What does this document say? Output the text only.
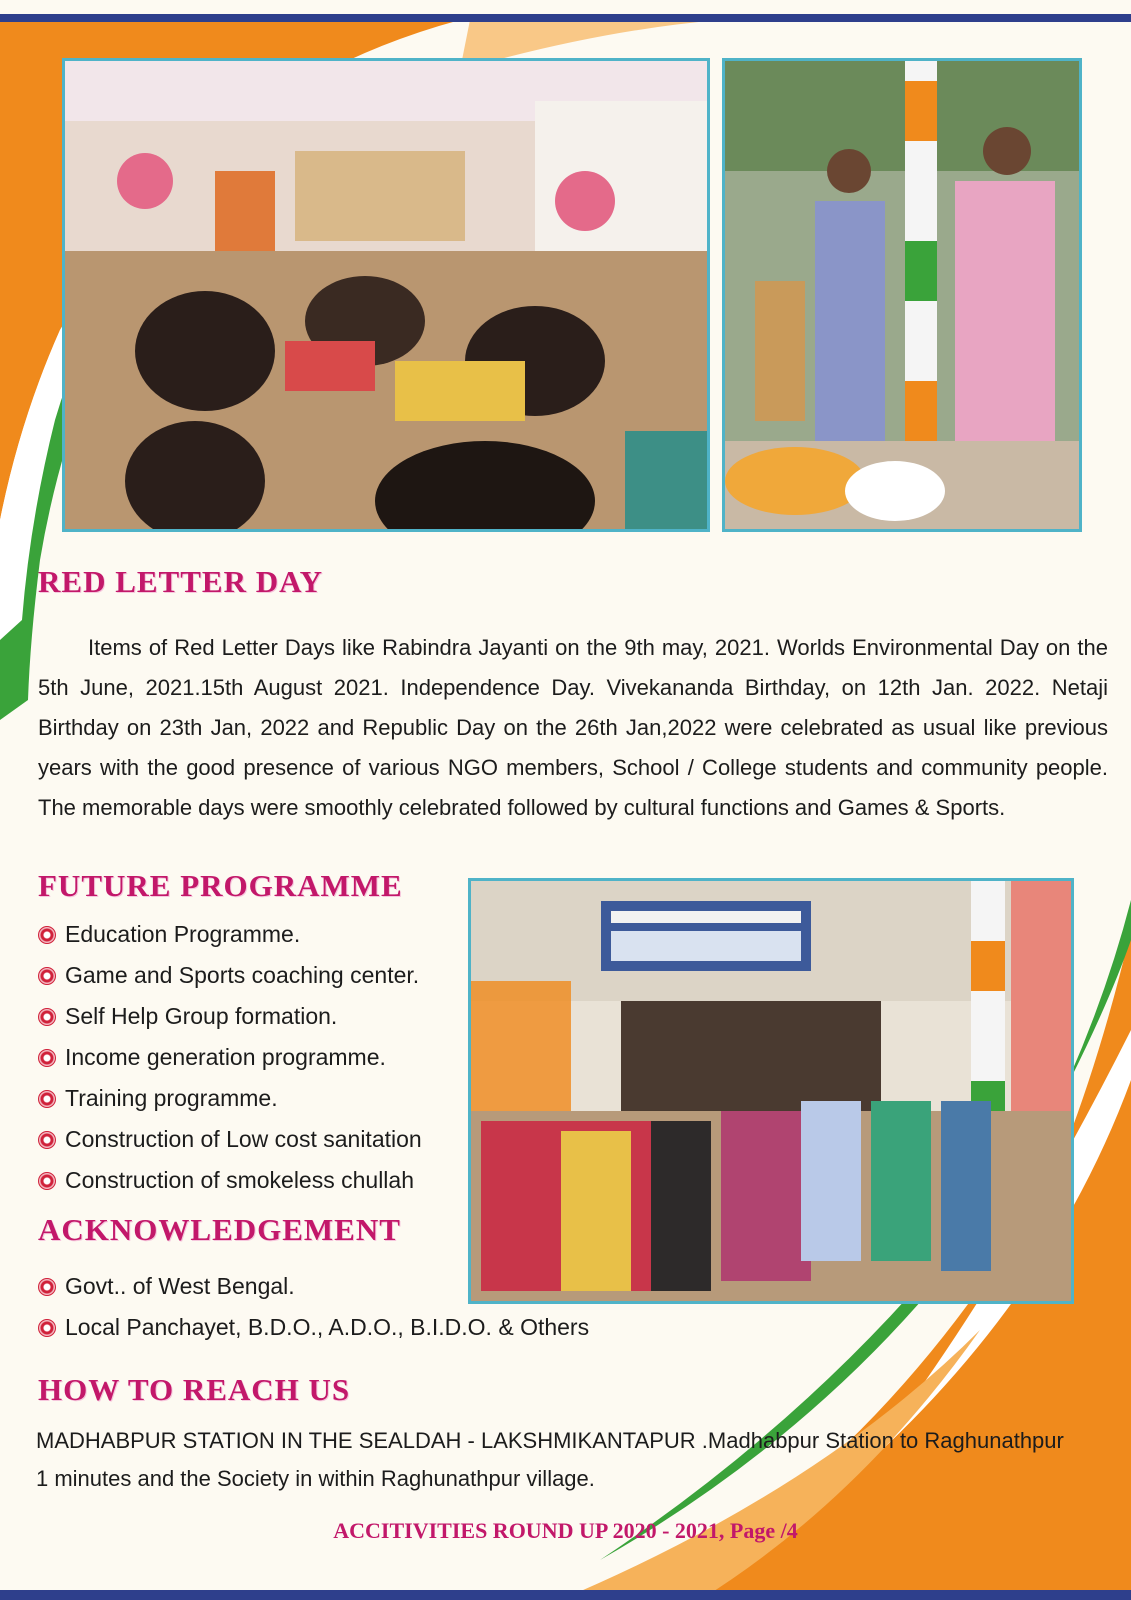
RED LETTER DAY

Items of Red Letter Days like Rabindra Jayanti on the 9th may, 2021. Worlds Environmental Day on the 5th June, 2021.15th August 2021. Independence Day. Vivekananda Birthday, on 12th Jan. 2022. Netaji Birthday on 23th Jan, 2022 and Republic Day on the 26th Jan,2022 were celebrated as usual like previous years with the good presence of various NGO members, School / College students and community people. The memorable days were smoothly celebrated followed by cultural functions and Games & Sports.

FUTURE PROGRAMME
Education Programme.
Game and Sports coaching center.
Self Help Group formation.
Income generation programme.
Training programme.
Construction of Low cost sanitation
Construction of smokeless chullah
ACKNOWLEDGEMENT
Govt.. of West Bengal.
Local Panchayet, B.D.O., A.D.O., B.I.D.O. & Others
HOW TO REACH US

MADHABPUR STATION IN THE SEALDAH - LAKSHMIKANTAPUR .Madhabpur Station to Raghunathpur 1 minutes and the Society in within Raghunathpur village.

ACCITIVITIES ROUND UP 2020 - 2021, Page /4
